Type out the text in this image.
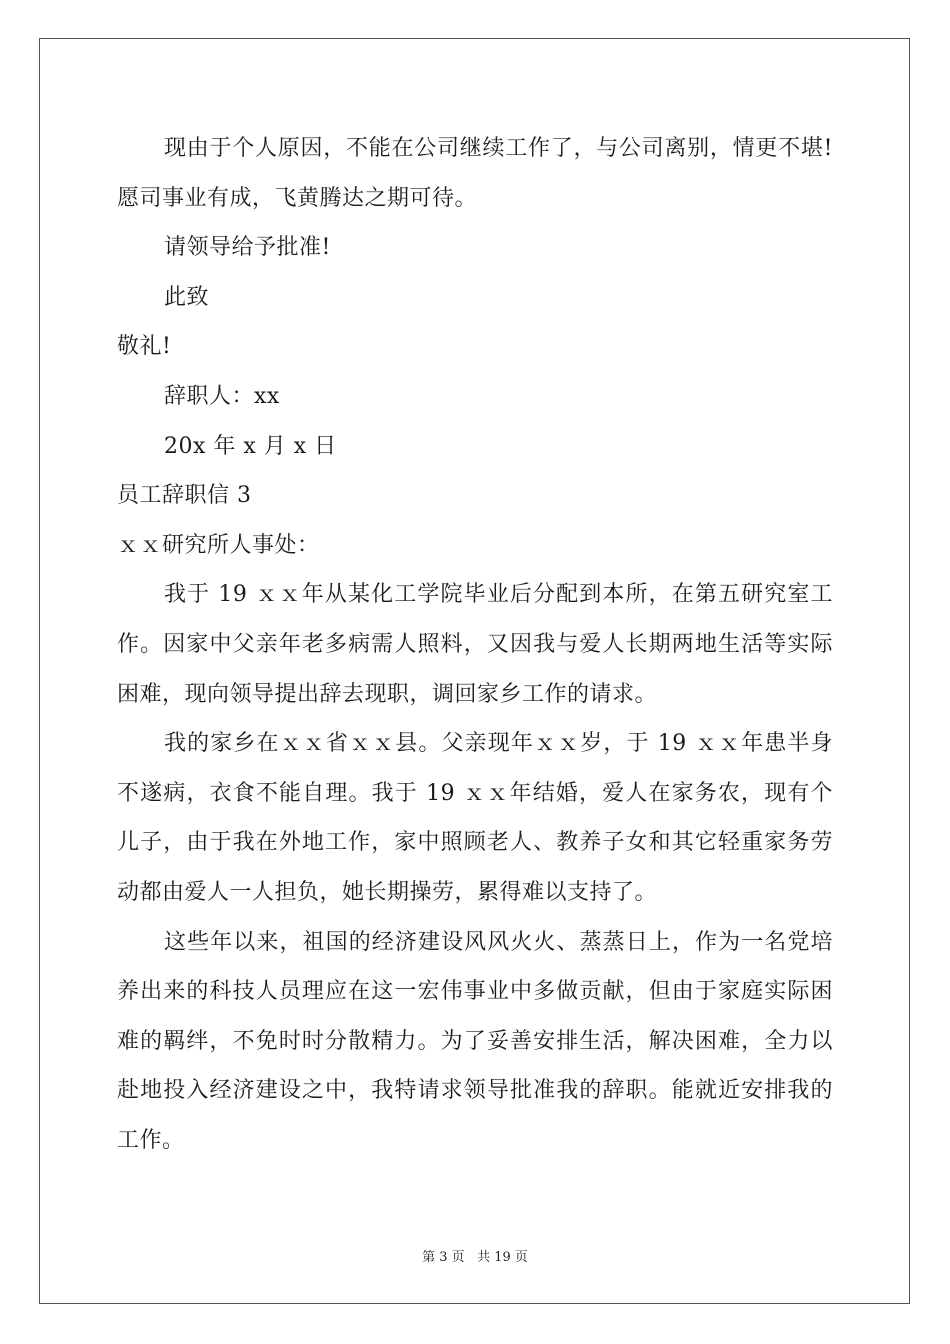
现由于个人原因，不能在公司继续工作了，与公司离别，情更不堪!愿司事业有成，飞黄腾达之期可待。

请领导给予批准!

此致

敬礼!

辞职人：xx

20x 年 x 月 x 日

员工辞职信 3

ｘｘ研究所人事处：

我于 19 ｘｘ年从某化工学院毕业后分配到本所，在第五研究室工作。因家中父亲年老多病需人照料，又因我与爱人长期两地生活等实际困难，现向领导提出辞去现职，调回家乡工作的请求。

我的家乡在ｘｘ省ｘｘ县。父亲现年ｘｘ岁，于 19 ｘｘ年患半身不遂病，衣食不能自理。我于 19 ｘｘ年结婚，爱人在家务农，现有个儿子，由于我在外地工作，家中照顾老人、教养子女和其它轻重家务劳动都由爱人一人担负，她长期操劳，累得难以支持了。

这些年以来，祖国的经济建设风风火火、蒸蒸日上，作为一名党培养出来的科技人员理应在这一宏伟事业中多做贡献，但由于家庭实际困难的羁绊，不免时时分散精力。为了妥善安排生活，解决困难，全力以赴地投入经济建设之中，我特请求领导批准我的辞职。能就近安排我的工作。

第 3 页 共 19 页
